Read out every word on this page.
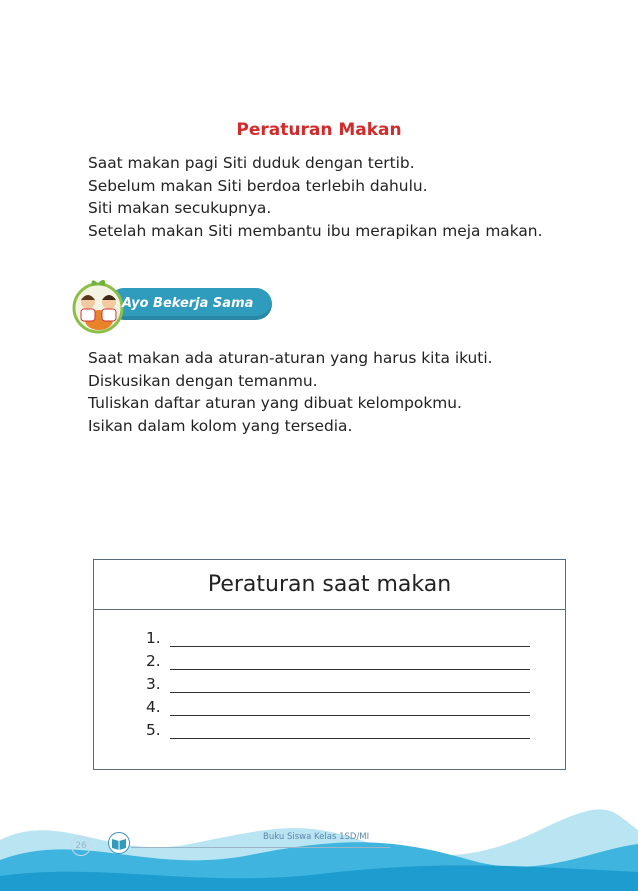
Peraturan Makan
Saat makan pagi Siti duduk dengan tertib.
Sebelum makan Siti berdoa terlebih dahulu.
Siti makan secukupnya.
Setelah makan Siti membantu ibu merapikan meja makan.
Ayo Bekerja Sama
Saat makan ada aturan-aturan yang harus kita ikuti.
Diskusikan dengan temanmu.
Tuliskan daftar aturan yang dibuat kelompokmu.
Isikan dalam kolom yang tersedia.
Peraturan saat makan
1.
2.
3.
4.
5.
26
Buku Siswa Kelas 1SD/MI
